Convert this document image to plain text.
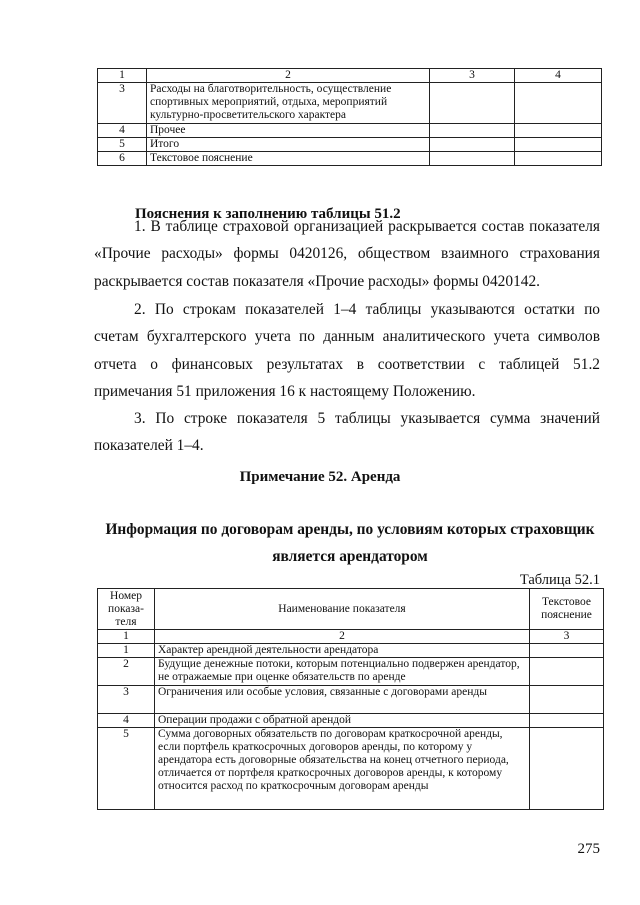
1	2	3	4
3	Расходы на благотворительность, осуществление спортивных мероприятий, отдыха, мероприятий культурно-просветительского характера		
4	Прочее		
5	Итого		
6	Текстовое пояснение		
Пояснения к заполнению таблицы 51.2

1. В таблице страховой организацией раскрывается состав показателя «Прочие расходы» формы 0420126, обществом взаимного страхования раскрывается состав показателя «Прочие расходы» формы 0420142.

2. По строкам показателей 1–4 таблицы указываются остатки по счетам бухгалтерского учета по данным аналитического учета символов отчета о финансовых результатах в соответствии с таблицей 51.2 примечания 51 приложения 16 к настоящему Положению.

3. По строке показателя 5 таблицы указывается сумма значений показателей 1–4.

Примечание 52. Аренда
Информация по договорам аренды, по условиям которых страховщик является арендатором
Таблица 52.1
Номер показа-теля	Наименование показателя	Текстовое пояснение
1	2	3
1	Характер арендной деятельности арендатора	
2	Будущие денежные потоки, которым потенциально подвержен арендатор, не отражаемые при оценке обязательств по аренде	
3	Ограничения или особые условия, связанные с договорами аренды	
4	Операции продажи с обратной арендой	
5	Сумма договорных обязательств по договорам краткосрочной аренды, если портфель краткосрочных договоров аренды, по которому у арендатора есть договорные обязательства на конец отчетного периода, отличается от портфеля краткосрочных договоров аренды, к которому относится расход по краткосрочным договорам аренды	
275
